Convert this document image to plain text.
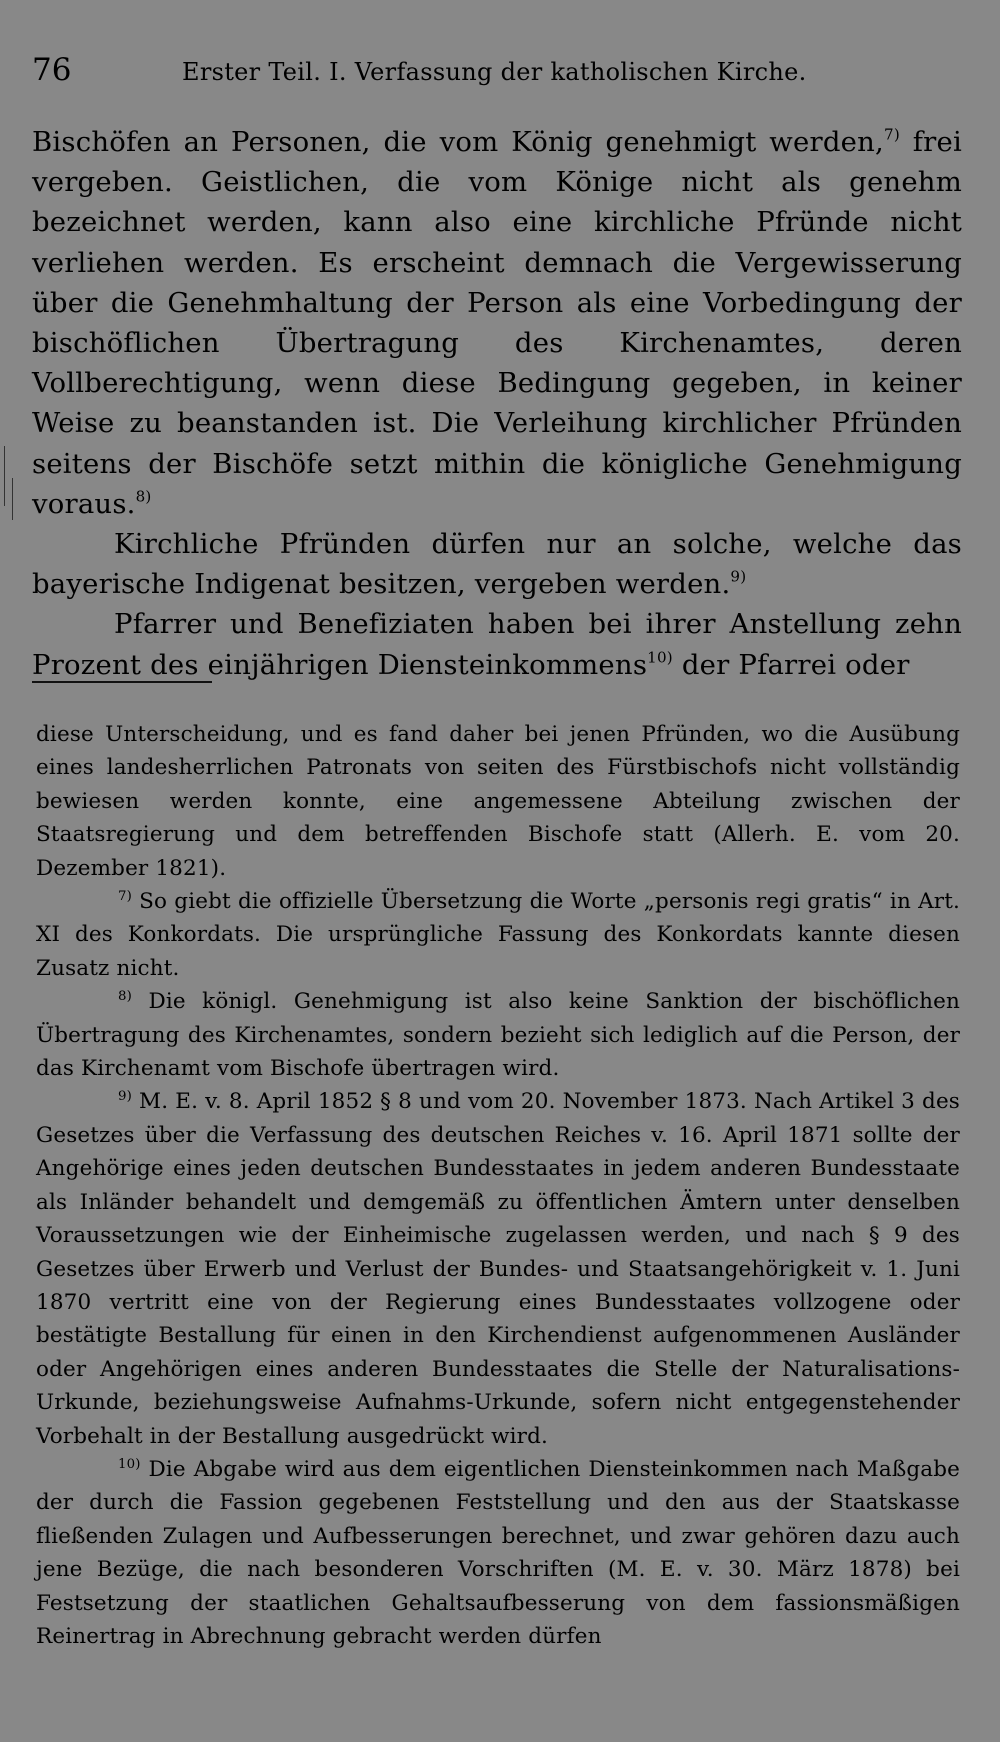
76	Erster Teil. I. Verfassung der katholischen Kirche.

Bischöfen an Personen, die vom König genehmigt werden,$^{7)}$ frei vergeben. Geistlichen, die vom Könige nicht als genehm bezeichnet werden, kann also eine kirchliche Pfründe nicht verliehen werden. Es erscheint demnach die Vergewisserung über die Genehmhaltung der Person als eine Vorbedingung der bischöflichen Übertragung des Kirchenamtes, deren Vollberechtigung, wenn diese Bedingung gegeben, in keiner Weise zu beanstanden ist. Die Verleihung kirchlicher Pfründen seitens der Bischöfe setzt mithin die königliche Genehmigung voraus.$^{8)}$

Kirchliche Pfründen dürfen nur an solche, welche das bayerische Indigenat besitzen, vergeben werden.$^{9)}$

Pfarrer und Benefiziaten haben bei ihrer Anstellung zehn Prozent des einjährigen Diensteinkommens$^{10)}$ der Pfarrei oder

diese Unterscheidung, und es fand daher bei jenen Pfründen, wo die Ausübung eines landesherrlichen Patronats von seiten des Fürstbischofs nicht vollständig bewiesen werden konnte, eine angemessene Abteilung zwischen der Staatsregierung und dem betreffenden Bischofe statt (Allerh. E. vom 20. Dezember 1821).

$^{7)}$ So giebt die offizielle Übersetzung die Worte „personis regi gratis“ in Art. XI des Konkordats. Die ursprüngliche Fassung des Konkordats kannte diesen Zusatz nicht.

$^{8)}$ Die königl. Genehmigung ist also keine Sanktion der bischöflichen Übertragung des Kirchenamtes, sondern bezieht sich lediglich auf die Person, der das Kirchenamt vom Bischofe übertragen wird.

$^{9)}$ M. E. v. 8. April 1852 § 8 und vom 20. November 1873. Nach Artikel 3 des Gesetzes über die Verfassung des deutschen Reiches v. 16. April 1871 sollte der Angehörige eines jeden deutschen Bundesstaates in jedem anderen Bundesstaate als Inländer behandelt und demgemäß zu öffentlichen Ämtern unter denselben Voraussetzungen wie der Einheimische zugelassen werden, und nach § 9 des Gesetzes über Erwerb und Verlust der Bundes- und Staatsangehörigkeit v. 1. Juni 1870 vertritt eine von der Regierung eines Bundesstaates vollzogene oder bestätigte Bestallung für einen in den Kirchendienst aufgenommenen Ausländer oder Angehörigen eines anderen Bundesstaates die Stelle der Naturalisations-Urkunde, beziehungsweise Aufnahms-Urkunde, sofern nicht entgegenstehender Vorbehalt in der Bestallung ausgedrückt wird.

$^{10)}$ Die Abgabe wird aus dem eigentlichen Diensteinkommen nach Maßgabe der durch die Fassion gegebenen Feststellung und den aus der Staatskasse fließenden Zulagen und Aufbesserungen berechnet, und zwar gehören dazu auch jene Bezüge, die nach besonderen Vorschriften (M. E. v. 30. März 1878) bei Festsetzung der staatlichen Gehaltsaufbesserung von dem fassionsmäßigen Reinertrag in Abrechnung gebracht werden dürfen
